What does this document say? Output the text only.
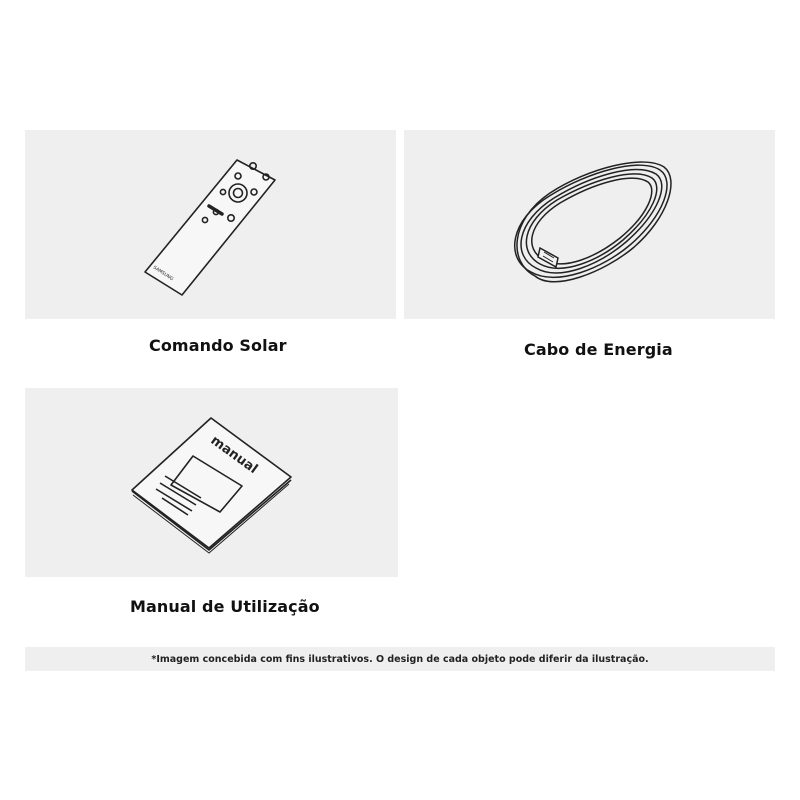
SAMSUNG
Comando Solar	Cabo de Energia
manual
Manual de Utilização
*Imagem concebida com fins ilustrativos. O design de cada objeto pode diferir da ilustração.
